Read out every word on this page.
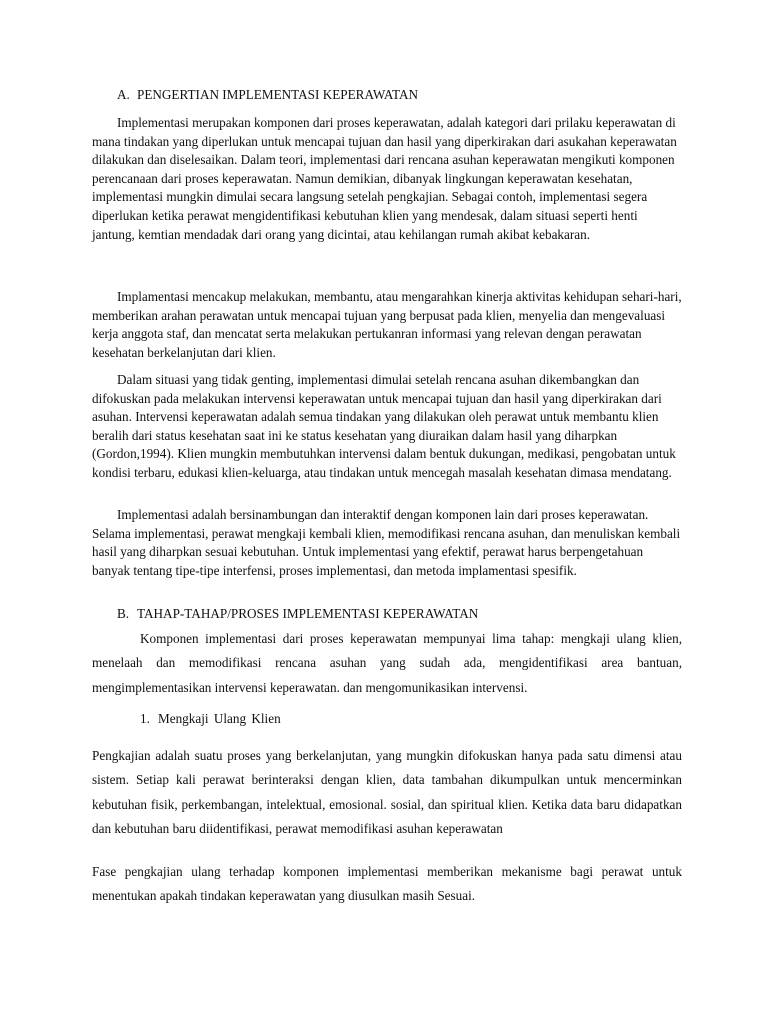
A. PENGERTIAN IMPLEMENTASI KEPERAWATAN

Implementasi merupakan komponen dari proses keperawatan, adalah kategori dari prilaku keperawatan di mana tindakan yang diperlukan untuk mencapai tujuan dan hasil yang diperkirakan dari asukahan keperawatan dilakukan dan diselesaikan. Dalam teori, implementasi dari rencana asuhan keperawatan mengikuti komponen perencanaan dari proses keperawatan. Namun demikian, dibanyak lingkungan keperawatan kesehatan, implementasi mungkin dimulai secara langsung setelah pengkajian. Sebagai contoh, implementasi segera diperlukan ketika perawat mengidentifikasi kebutuhan klien yang mendesak, dalam situasi seperti henti jantung, kemtian mendadak dari orang yang dicintai, atau kehilangan rumah akibat kebakaran.

Implamentasi mencakup melakukan, membantu, atau mengarahkan kinerja aktivitas kehidupan sehari-hari, memberikan arahan perawatan untuk mencapai tujuan yang berpusat pada klien, menyelia dan mengevaluasi kerja anggota staf, dan mencatat serta melakukan pertukanran informasi yang relevan dengan perawatan kesehatan berkelanjutan dari klien.

Dalam situasi yang tidak genting, implementasi dimulai setelah rencana asuhan dikembangkan dan difokuskan pada melakukan intervensi keperawatan untuk mencapai tujuan dan hasil yang diperkirakan dari asuhan. Intervensi keperawatan adalah semua tindakan yang dilakukan oleh perawat untuk membantu klien beralih dari status kesehatan saat ini ke status kesehatan yang diuraikan dalam hasil yang diharpkan (Gordon,1994). Klien mungkin membutuhkan intervensi dalam bentuk dukungan, medikasi, pengobatan untuk kondisi terbaru, edukasi klien-keluarga, atau tindakan untuk mencegah masalah kesehatan dimasa mendatang.

Implementasi adalah bersinambungan dan interaktif dengan komponen lain dari proses keperawatan. Selama implementasi, perawat mengkaji kembali klien, memodifikasi rencana asuhan, dan menuliskan kembali hasil yang diharpkan sesuai kebutuhan. Untuk implementasi yang efektif, perawat harus berpengetahuan banyak tentang tipe-tipe interfensi, proses implementasi, dan metoda implamentasi spesifik.

B. TAHAP-TAHAP/PROSES IMPLEMENTASI KEPERAWATAN

Komponen implementasi dari proses keperawatan mempunyai lima tahap: mengkaji ulang klien, menelaah dan memodifikasi rencana asuhan yang sudah ada, mengidentifikasi area bantuan, mengimplementasikan intervensi keperawatan. dan mengomunikasikan intervensi.

1. Mengkaji Ulang Klien

Pengkajian adalah suatu proses yang berkelanjutan, yang mungkin difokuskan hanya pada satu dimensi atau sistem. Setiap kali perawat berinteraksi dengan klien, data tambahan dikumpulkan untuk mencerminkan kebutuhan fisik, perkembangan, intelektual, emosional. sosial, dan spiritual klien. Ketika data baru didapatkan dan kebutuhan baru diidentifikasi, perawat memodifikasi asuhan keperawatan

Fase pengkajian ulang terhadap komponen implementasi memberikan mekanisme bagi perawat untuk menentukan apakah tindakan keperawatan yang diusulkan masih Sesuai.
